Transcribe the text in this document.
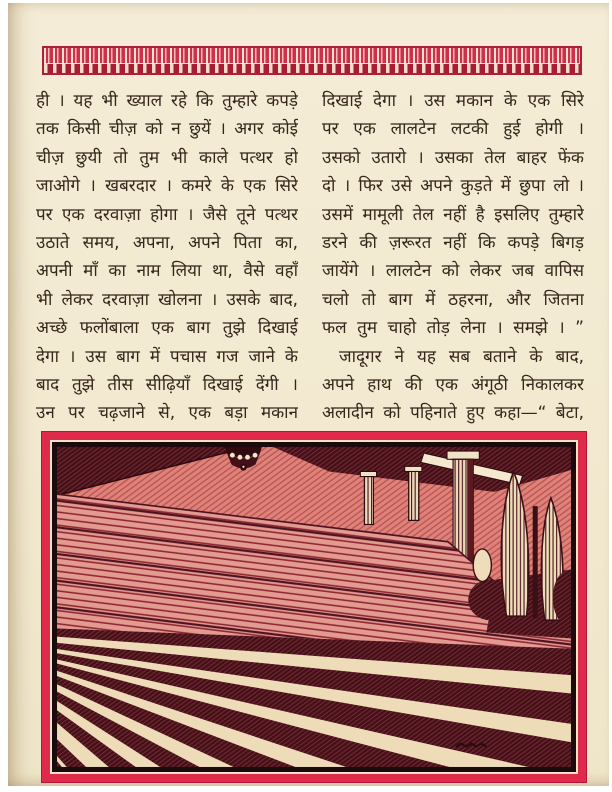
ही । यह भी ख्याल रहे कि तुम्हारे कपड़े
तक किसी चीज़ को न छुयें । अगर कोई
चीज़ छुयी तो तुम भी काले पत्थर हो
जाओगे । खबरदार । कमरे के एक सिरे
पर एक दरवाज़ा होगा । जैसे तूने पत्थर
उठाते समय, अपना, अपने पिता का,
अपनी माँ का नाम लिया था, वैसे वहाँ
भी लेकर दरवाज़ा खोलना । उसके बाद,
अच्छे फलोंबाला एक बाग तुझे दिखाई
देगा । उस बाग में पचास गज जाने के
बाद तुझे तीस सीढ़ियाँ दिखाई देंगी ।
उन पर चढ़जाने से, एक बड़ा मकान
दिखाई देगा । उस मकान के एक सिरे
पर एक लालटेन लटकी हुई होगी ।
उसको उतारो । उसका तेल बाहर फेंक
दो । फिर उसे अपने कुड़ते में छुपा लो ।
उसमें मामूली तेल नहीं है इसलिए तुम्हारे
डरने की ज़रूरत नहीं कि कपड़े बिगड़
जायेंगे । लालटेन को लेकर जब वापिस
चलो तो बाग में ठहरना, और जितना
फल तुम चाहो तोड़ लेना । समझे । ”
 जादूगर ने यह सब बताने के बाद,
अपने हाथ की एक अंगूठी निकालकर
अलादीन को पहिनाते हुए कहा—“ बेटा,
